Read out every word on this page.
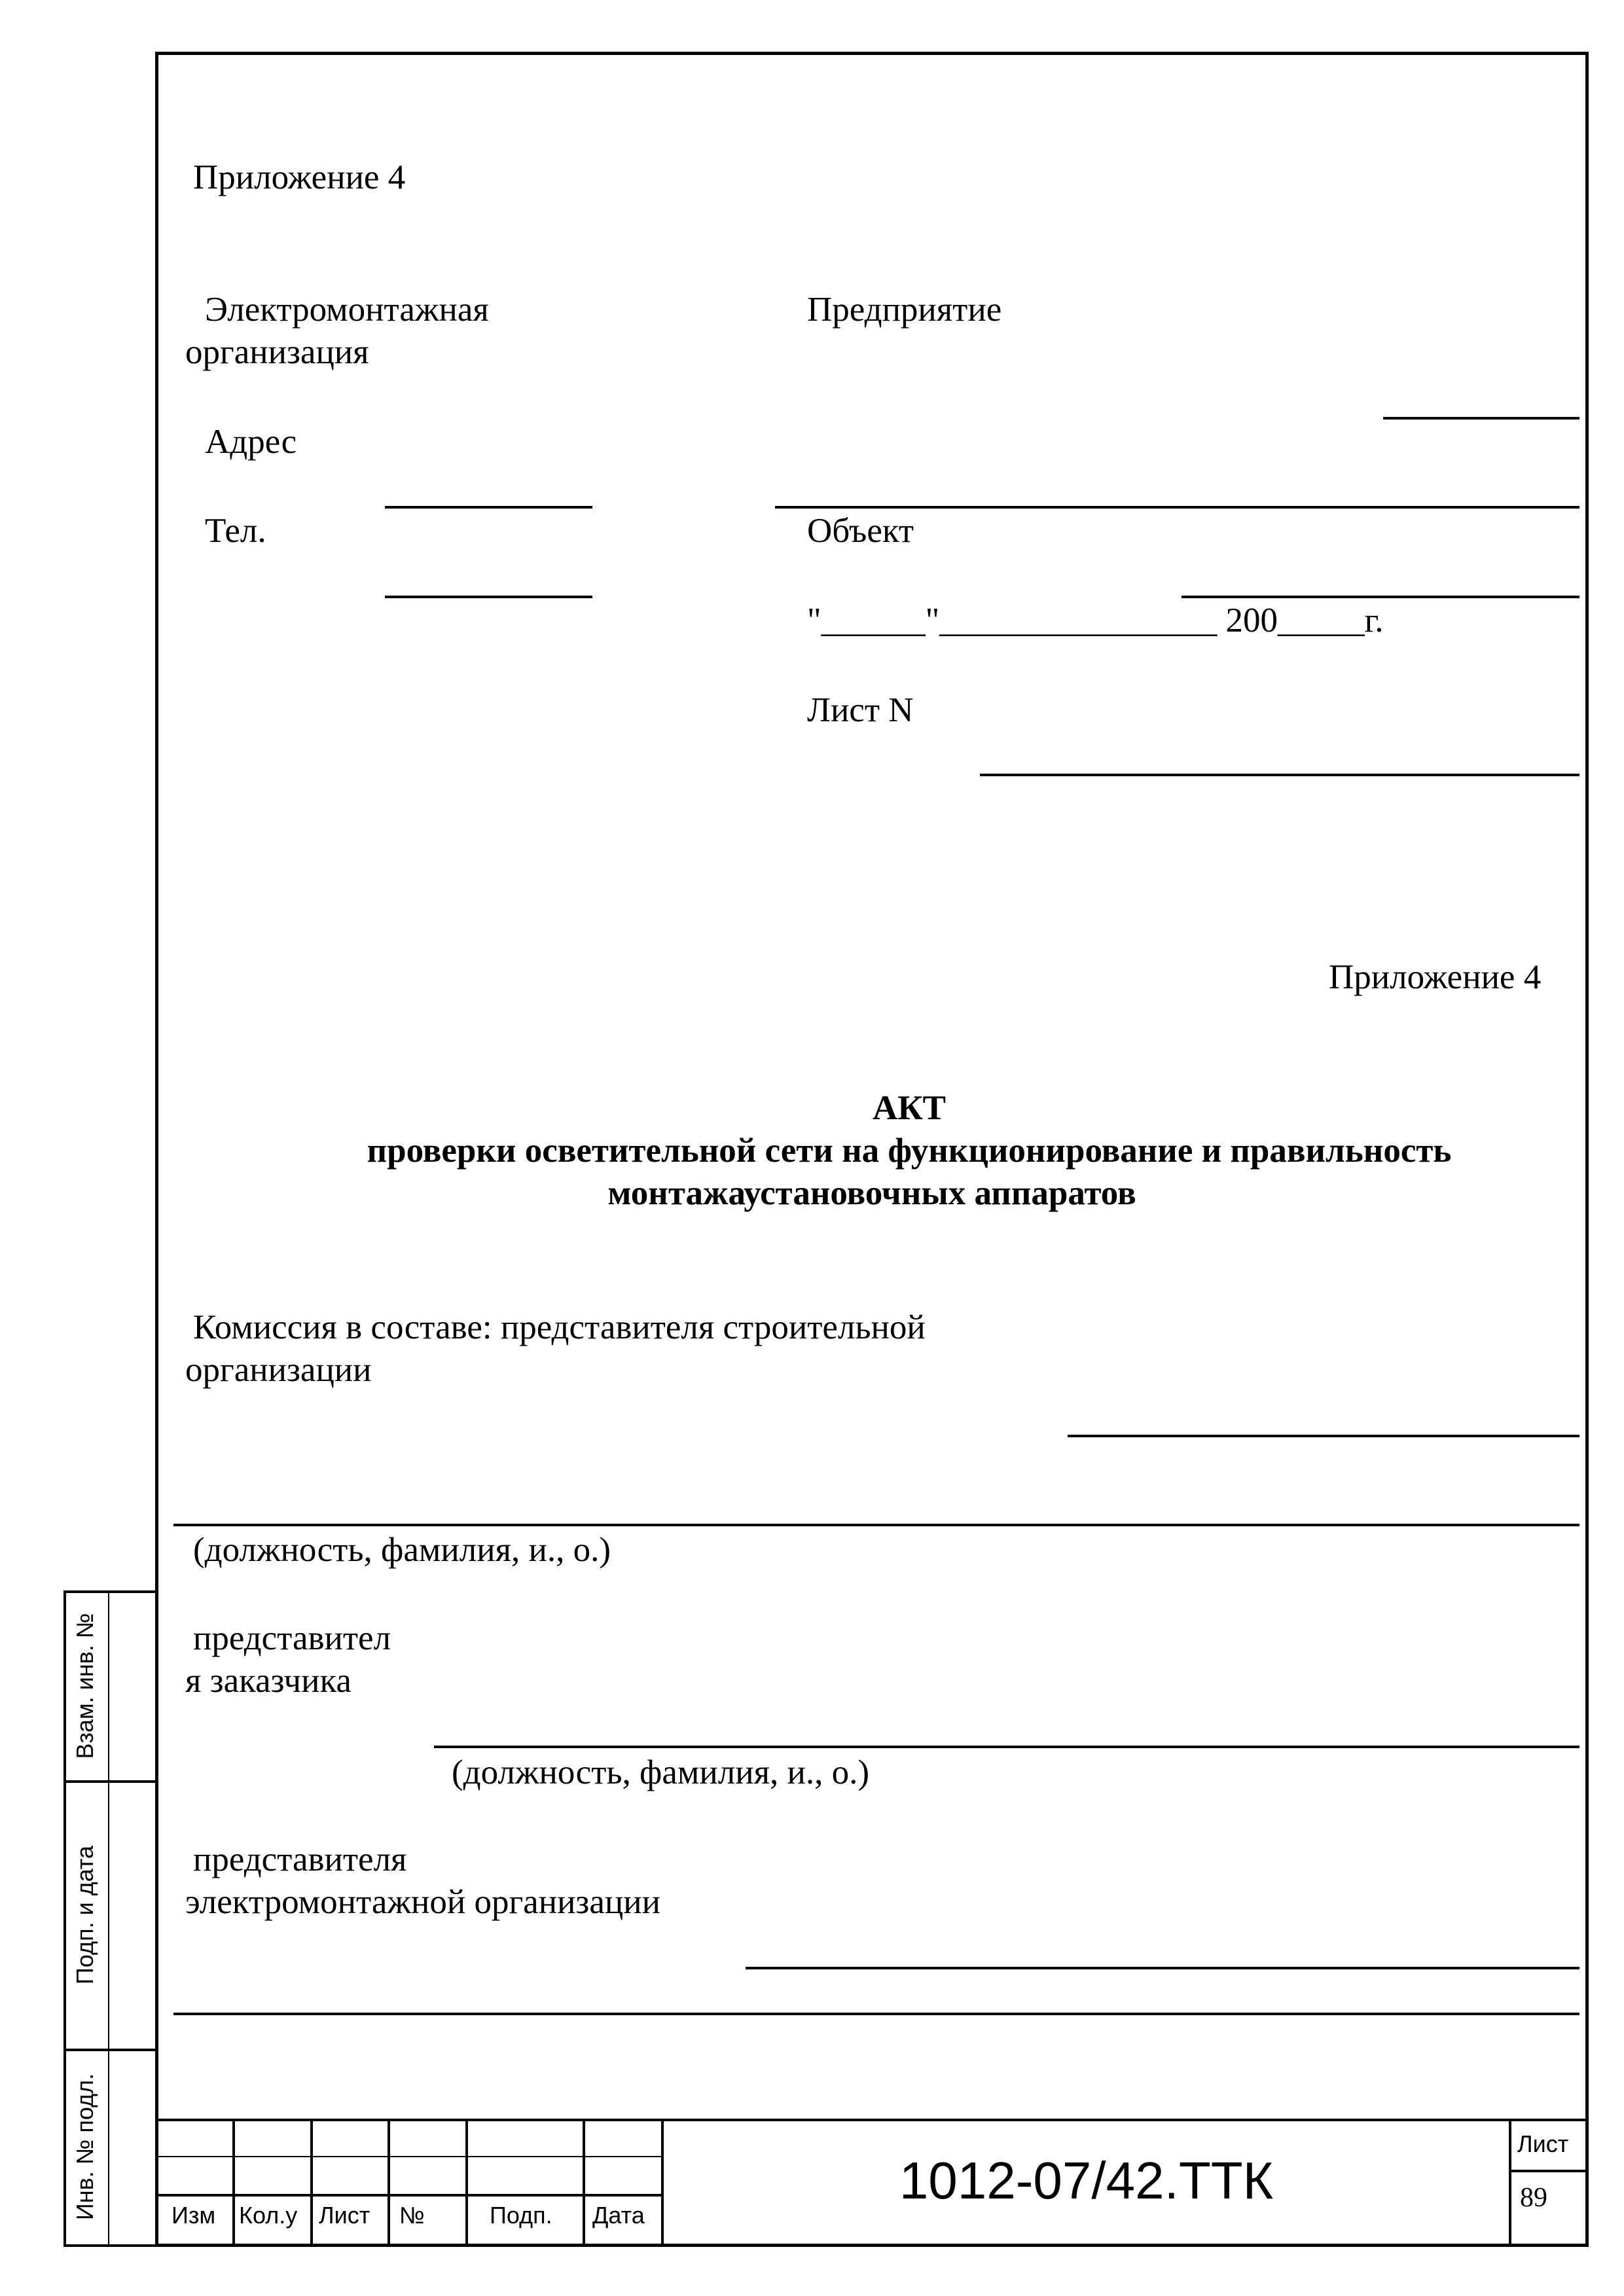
Взам. инв. №
Подп. и дата
Инв. № подл.
Приложение 4
Электромонтажная
организация
Предприятие
Адрес
Тел.	Объект
"______"________________ 200_____г.
Лист N
Приложение 4
АКТ
проверки осветительной сети на функционирование и правильность
монтажаустановочных аппаратов
Комиссия в составе: представителя строительной
организации
(должность, фамилия, и., о.)
представител
я заказчика
(должность, фамилия, и., о.)
представителя
электромонтажной организации
Изм Кол.у Лист №	Подп. Дата
1012-07/42.ТТК
Лист
89
